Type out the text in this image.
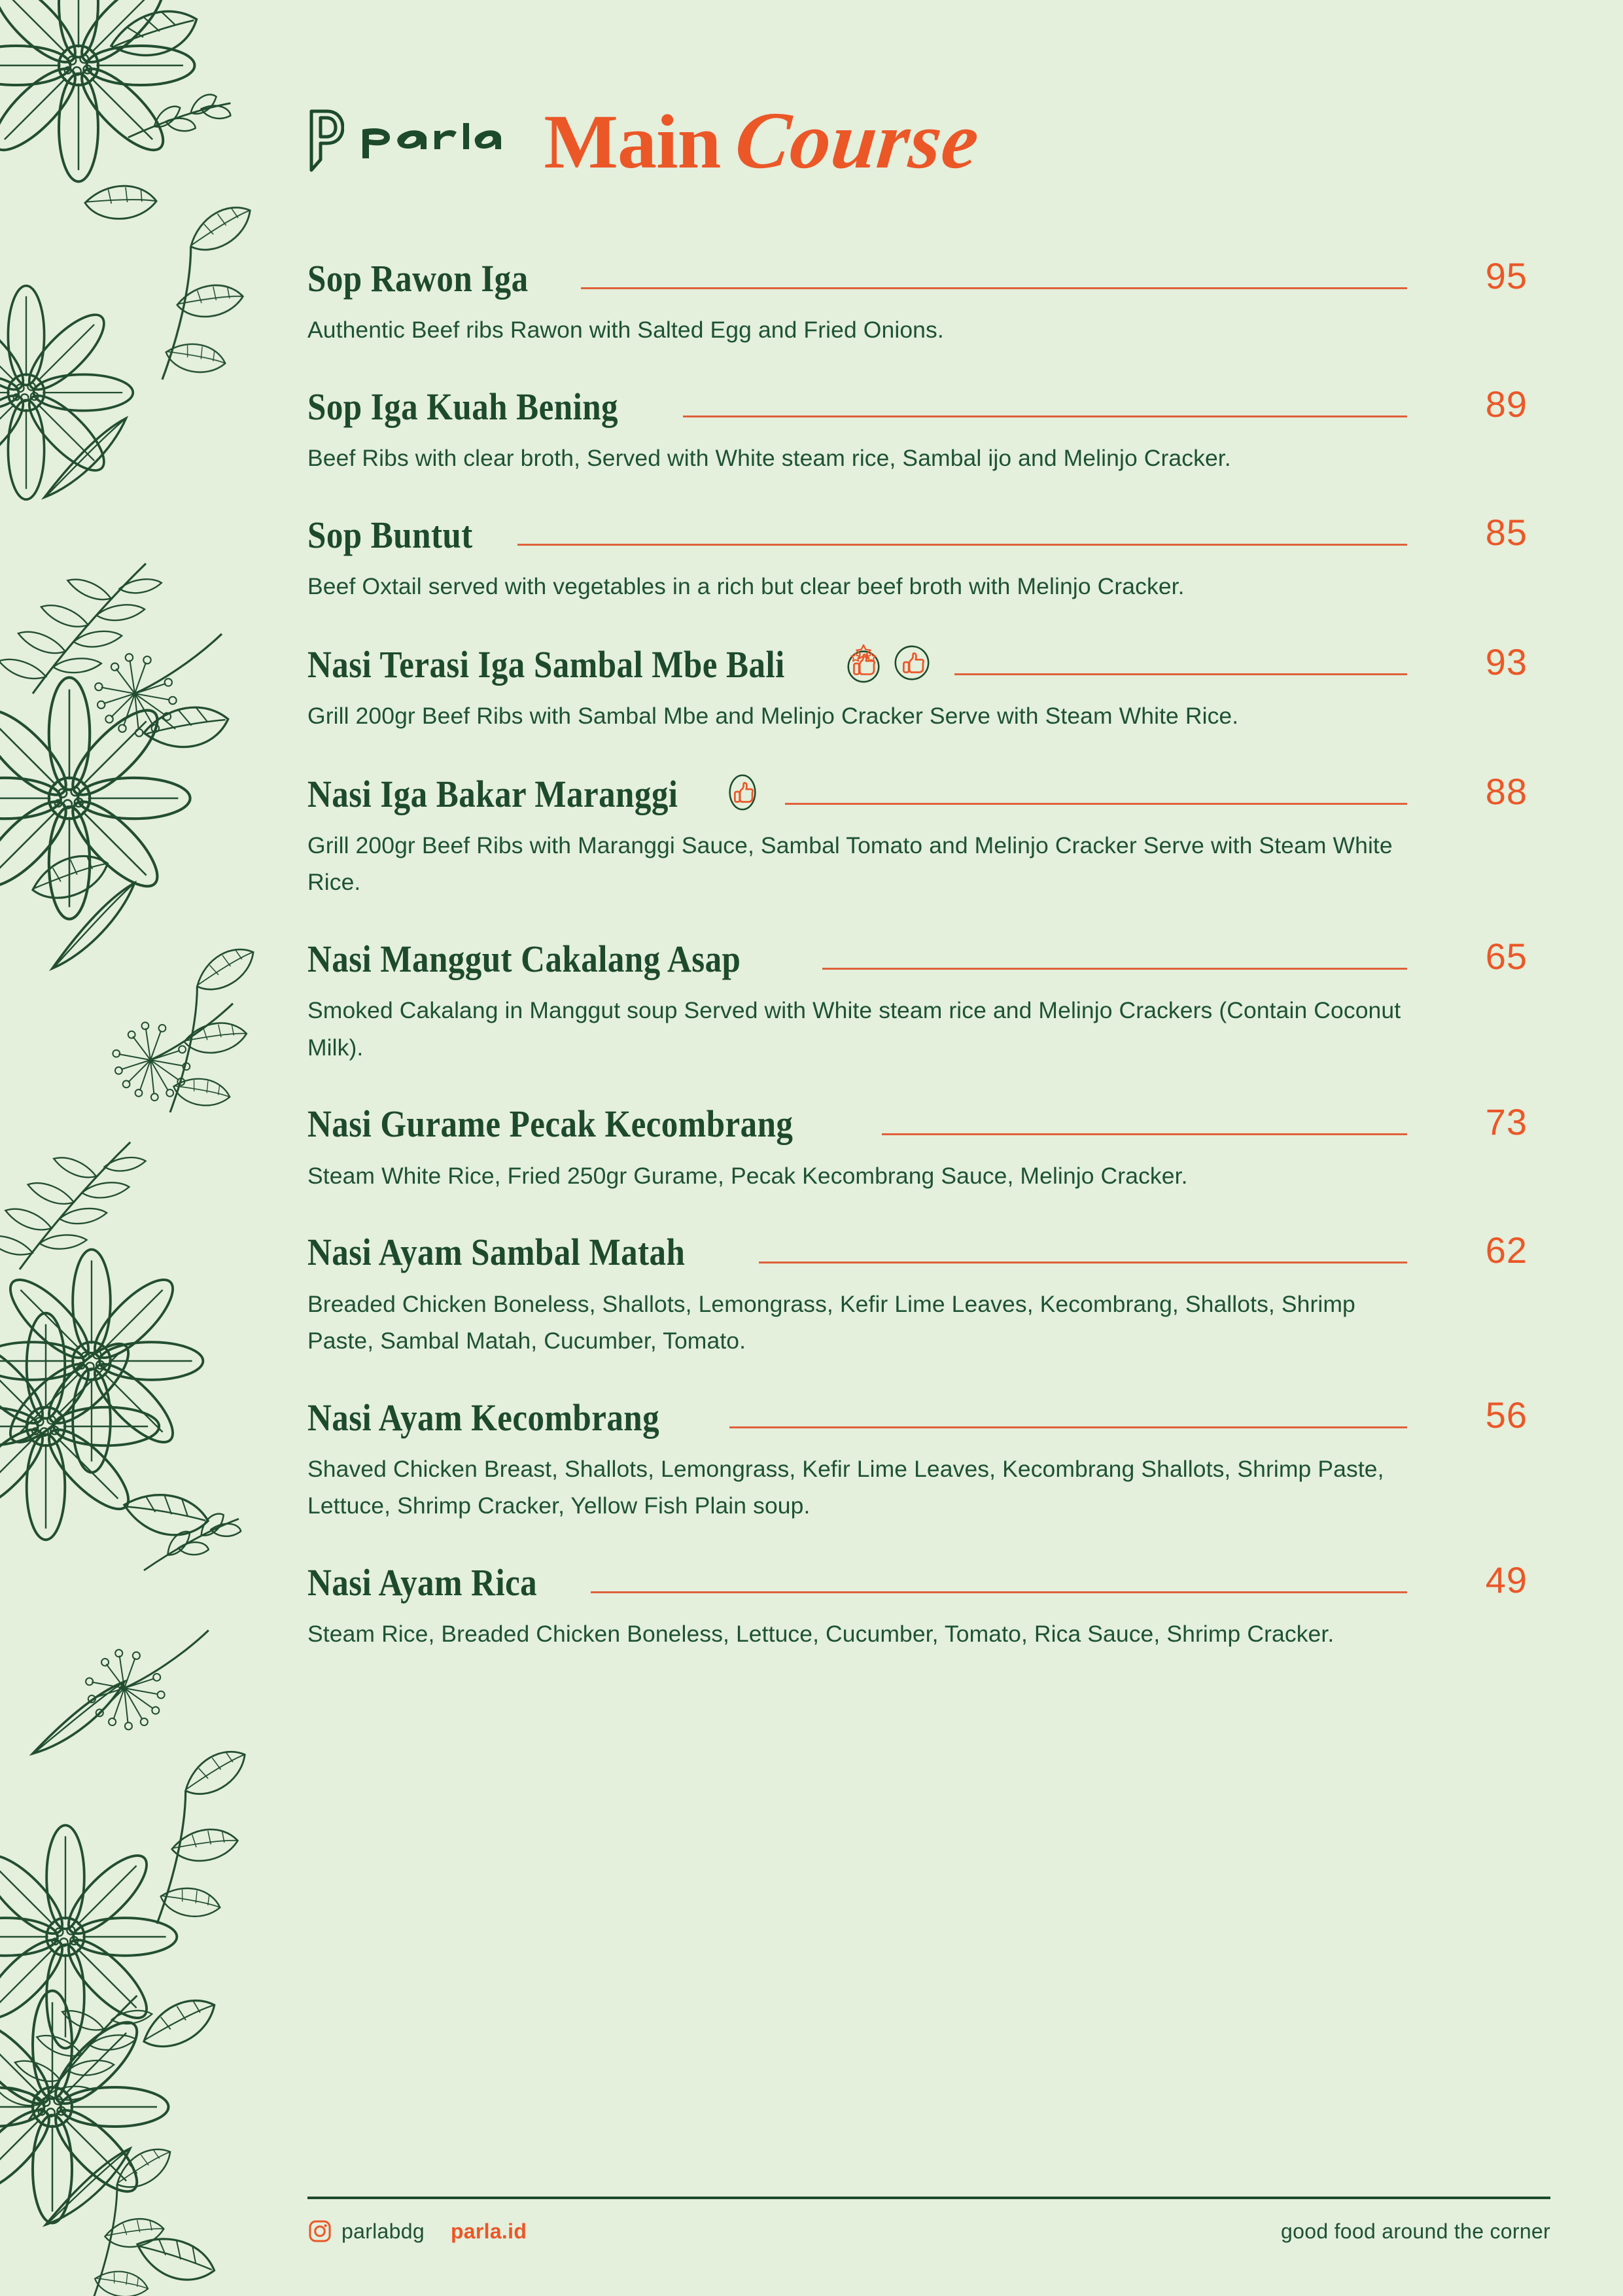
Main Course
Sop Rawon Iga	95
Authentic Beef ribs Rawon with Salted Egg and Fried Onions.
Sop Iga Kuah Bening	89
Beef Ribs with clear broth, Served with White steam rice, Sambal ijo and Melinjo Cracker.
Sop Buntut	85
Beef Oxtail served with vegetables in a rich but clear beef broth with Melinjo Cracker.
Nasi Terasi Iga Sambal Mbe Bali	93
Grill 200gr Beef Ribs with Sambal Mbe and Melinjo Cracker Serve with Steam White Rice.
Nasi Iga Bakar Maranggi	88
Grill 200gr Beef Ribs with Maranggi Sauce, Sambal Tomato and Melinjo Cracker Serve with Steam White Rice.
Nasi Manggut Cakalang Asap	65
Smoked Cakalang in Manggut soup Served with White steam rice and Melinjo Crackers (Contain Coconut Milk).
Nasi Gurame Pecak Kecombrang	73
Steam White Rice, Fried 250gr Gurame, Pecak Kecombrang Sauce, Melinjo Cracker.
Nasi Ayam Sambal Matah	62
Breaded Chicken Boneless, Shallots, Lemongrass, Kefir Lime Leaves, Kecombrang, Shallots, Shrimp Paste, Sambal Matah, Cucumber, Tomato.
Nasi Ayam Kecombrang	56
Shaved Chicken Breast, Shallots, Lemongrass, Kefir Lime Leaves, Kecombrang Shallots, Shrimp Paste, Lettuce, Shrimp Cracker, Yellow Fish Plain soup.
Nasi Ayam Rica	49
Steam Rice, Breaded Chicken Boneless, Lettuce, Cucumber, Tomato, Rica Sauce, Shrimp Cracker.
parlabdg parla.id	good food around the corner
